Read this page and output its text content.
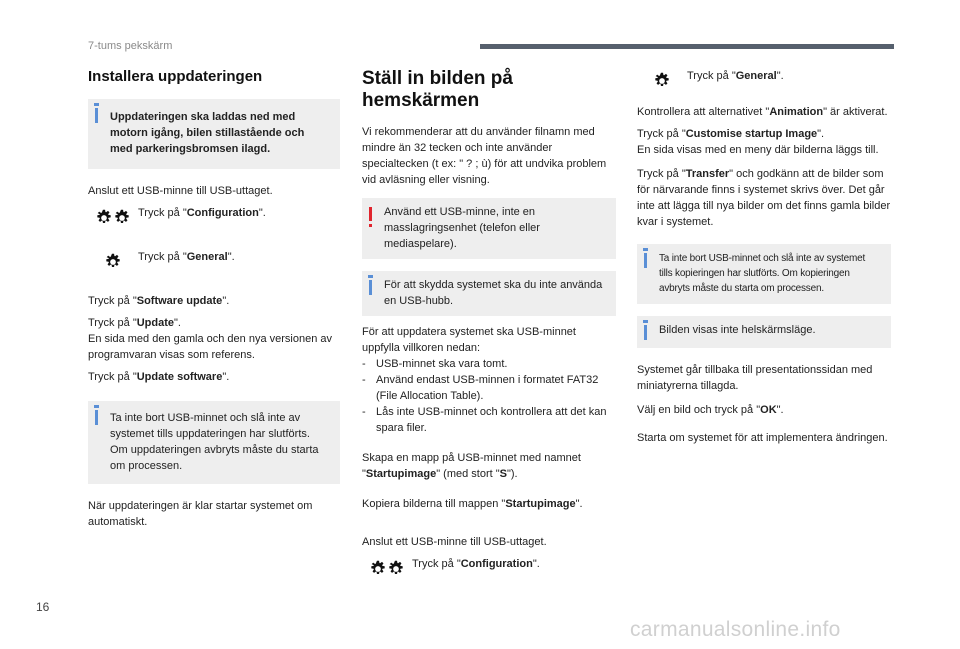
7-tums pekskärm
Installera uppdateringen
Uppdateringen ska laddas ned med motorn igång, bilen stillastående och med parkeringsbromsen ilagd.

Anslut ett USB-minne till USB-uttaget.

Tryck på "Configuration".
Tryck på "General".

Tryck på "Software update".

Tryck på "Update".

En sida med den gamla och den nya versionen av programvaran visas som referens.

Tryck på "Update software".

Ta inte bort USB-minnet och slå inte av systemet tills uppdateringen har slutförts. Om uppdateringen avbryts måste du starta om processen.

När uppdateringen är klar startar systemet om automatiskt.

Ställ in bilden på hemskärmen

Vi rekommenderar att du använder filnamn med mindre än 32 tecken och inte använder specialtecken (t ex: " ? ; ù) för att undvika problem vid avläsning eller visning.

Använd ett USB-minne, inte en masslagringsenhet (telefon eller mediaspelare).
För att skydda systemet ska du inte använda en USB-hubb.

För att uppdatera systemet ska USB-minnet uppfylla villkoren nedan:

- USB-minnet ska vara tomt.
- Använd endast USB-minnen i formatet FAT32 (File Allocation Table).
- Lås inte USB-minnet och kontrollera att det kan spara filer.

Skapa en mapp på USB-minnet med namnet "Startupimage" (med stort "S").

Kopiera bilderna till mappen "Startupimage".

Anslut ett USB-minne till USB-uttaget.

Tryck på "Configuration".
Tryck på "General".

Kontrollera att alternativet "Animation" är aktiverat.

Tryck på "Customise startup Image".

En sida visas med en meny där bilderna läggs till.

Tryck på "Transfer" och godkänn att de bilder som för närvarande finns i systemet skrivs över. Det går inte att lägga till nya bilder om det finns gamla bilder kvar i systemet.

Ta inte bort USB-minnet och slå inte av systemet tills kopieringen har slutförts. Om kopieringen avbryts måste du starta om processen.
Bilden visas inte helskärmsläge.

Systemet går tillbaka till presentationssidan med miniatyrerna tillagda.

Välj en bild och tryck på "OK".

Starta om systemet för att implementera ändringen.

16
carmanualsonline.info
